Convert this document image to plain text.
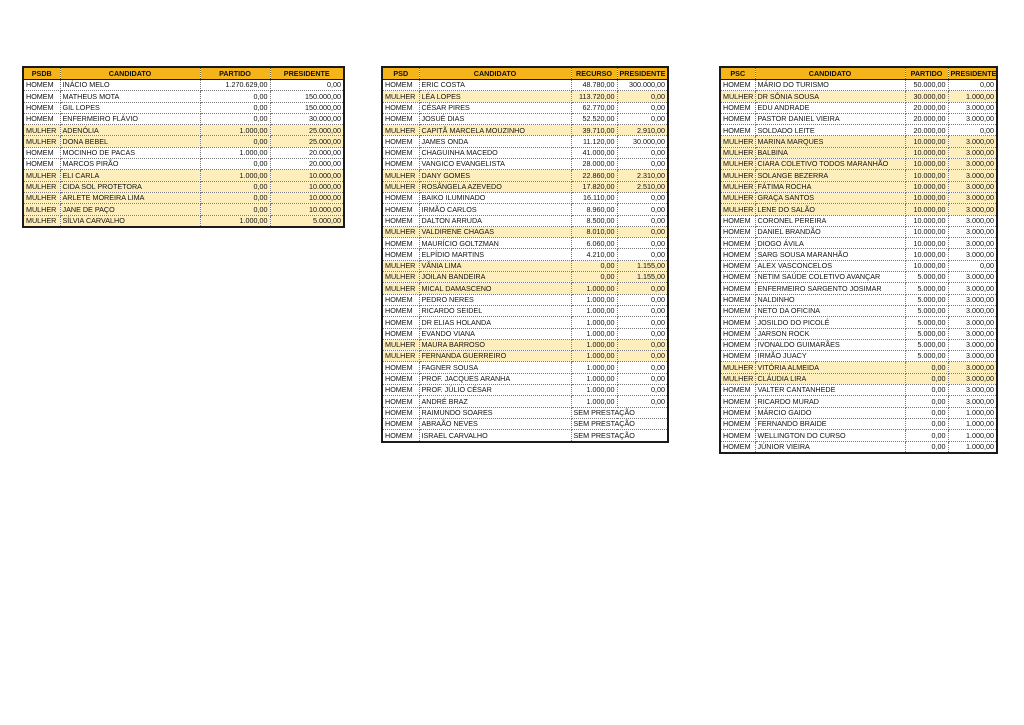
PSDB	CANDIDATO	PARTIDO	PRESIDENTE
HOMEM	INÁCIO MELO	1.270.629,00	0,00
HOMEM	MATHEUS MOTA	0,00	150.000,00
HOMEM	GIL LOPES	0,00	150.000,00
HOMEM	ENFERMEIRO FLÁVIO	0,00	30.000,00
MULHER	ADENÓLIA	1.000,00	25.000,00
MULHER	DONA BEBEL	0,00	25.000,00
HOMEM	MOCINHO DE PACAS	1.000,00	20.000,00
HOMEM	MARCOS PIRÃO	0,00	20.000,00
MULHER	ELI CARLA	1.000,00	10.000,00
MULHER	CIDA SOL PROTETORA	0,00	10.000,00
MULHER	ARLETE MOREIRA LIMA	0,00	10.000,00
MULHER	JANE DE PAÇO	0,00	10.000,00
MULHER	SÍLVIA CARVALHO	1.000,00	5.000,00
PSD	CANDIDATO	RECURSO	PRESIDENTE
HOMEM	ERIC COSTA	48.780,00	300.000,00
MULHER	LÉA LOPES	113.720,00	0,00
HOMEM	CÉSAR PIRES	62.770,00	0,00
HOMEM	JOSUÉ DIAS	52.520,00	0,00
MULHER	CAPITÃ MARCELA MOUZINHO	39.710,00	2.910,00
HOMEM	JAMES ONDA	11.120,00	30.000,00
HOMEM	CHAGUINHA MACEDO	41.000,00	0,00
HOMEM	VANGICO EVANGELISTA	28.000,00	0,00
MULHER	DANY GOMES	22.860,00	2.310,00
MULHER	ROSÂNGELA AZEVEDO	17.820,00	2.510,00
HOMEM	BAIKO ILUMINADO	16.110,00	0,00
HOMEM	IRMÃO CARLOS	8.960,00	0,00
HOMEM	DALTON ARRUDA	8.500,00	0,00
MULHER	VALDIRENE CHAGAS	8.010,00	0,00
HOMEM	MAURÍCIO GOLTZMAN	6.060,00	0,00
HOMEM	ELPÍDIO MARTINS	4.210,00	0,00
MULHER	VÂNIA LIMA	0,00	1.155,00
MULHER	JOILAN BANDEIRA	0,00	1.155,00
MULHER	MICAL DAMASCENO	1.000,00	0,00
HOMEM	PEDRO NERES	1.000,00	0,00
HOMEM	RICARDO SEIDEL	1.000,00	0,00
HOMEM	DR ELIAS HOLANDA	1.000,00	0,00
HOMEM	EVANDO VIANA	1.000,00	0,00
MULHER	MAURA BARROSO	1.000,00	0,00
MULHER	FERNANDA GUERREIRO	1.000,00	0,00
HOMEM	FAGNER SOUSA	1.000,00	0,00
HOMEM	PROF. JACQUES ARANHA	1.000,00	0,00
HOMEM	PROF. JÚLIO CÉSAR	1.000,00	0,00
HOMEM	ANDRÉ BRAZ	1.000,00	0,00
HOMEM	RAIMUNDO SOARES	SEM PRESTAÇÃO	
HOMEM	ABRAÃO NEVES	SEM PRESTAÇÃO	
HOMEM	ISRAEL CARVALHO	SEM PRESTAÇÃO	
PSC	CANDIDATO	PARTIDO	PRESIDENTE
HOMEM	MÁRIO DO TURISMO	50.000,00	0,00
MULHER	DR SÔNIA SOUSA	30.000,00	1.000,00
HOMEM	EDU ANDRADE	20.000,00	3.000,00
HOMEM	PASTOR DANIEL VIEIRA	20.000,00	3.000,00
HOMEM	SOLDADO LEITE	20.000,00	0,00
MULHER	MARINA MARQUES	10.000,00	3.000,00
MULHER	BALBINA	10.000,00	3.000,00
MULHER	CIARA COLETIVO TODOS MARANHÃO	10.000,00	3.000,00
MULHER	SOLANGE BEZERRA	10.000,00	3.000,00
MULHER	FÁTIMA ROCHA	10.000,00	3.000,00
MULHER	GRAÇA SANTOS	10.000,00	3.000,00
MULHER	LENE DO SALÃO	10.000,00	3.000,00
HOMEM	CORONEL PEREIRA	10.000,00	3.000,00
HOMEM	DANIEL BRANDÃO	10.000,00	3.000,00
HOMEM	DIOGO ÁVILA	10.000,00	3.000,00
HOMEM	SARG SOUSA MARANHÃO	10.000,00	3.000,00
HOMEM	ALEX VASCONCELOS	10.000,00	0,00
HOMEM	NETIM SAÚDE COLETIVO AVANÇAR	5.000,00	3.000,00
HOMEM	ENFERMEIRO SARGENTO JOSIMAR	5.000,00	3.000,00
HOMEM	NALDINHO	5.000,00	3.000,00
HOMEM	NETO DA OFICINA	5.000,00	3.000,00
HOMEM	JOSILDO DO PICOLÉ	5.000,00	3.000,00
HOMEM	JARSON ROCK	5.000,00	3.000,00
HOMEM	IVONALDO GUIMARÃES	5.000,00	3.000,00
HOMEM	IRMÃO JUACY	5.000,00	3.000,00
MULHER	VITÓRIA ALMEIDA	0,00	3.000,00
MULHER	CLÁUDIA LIRA	0,00	3.000,00
HOMEM	VALTER CANTANHEDE	0,00	3.000,00
HOMEM	RICARDO MURAD	0,00	3.000,00
HOMEM	MÁRCIO GAIDO	0,00	1.000,00
HOMEM	FERNANDO BRAIDE	0,00	1.000,00
HOMEM	WELLINGTON DO CURSO	0,00	1.000,00
HOMEM	JÚNIOR VIEIRA	0,00	1.000,00
